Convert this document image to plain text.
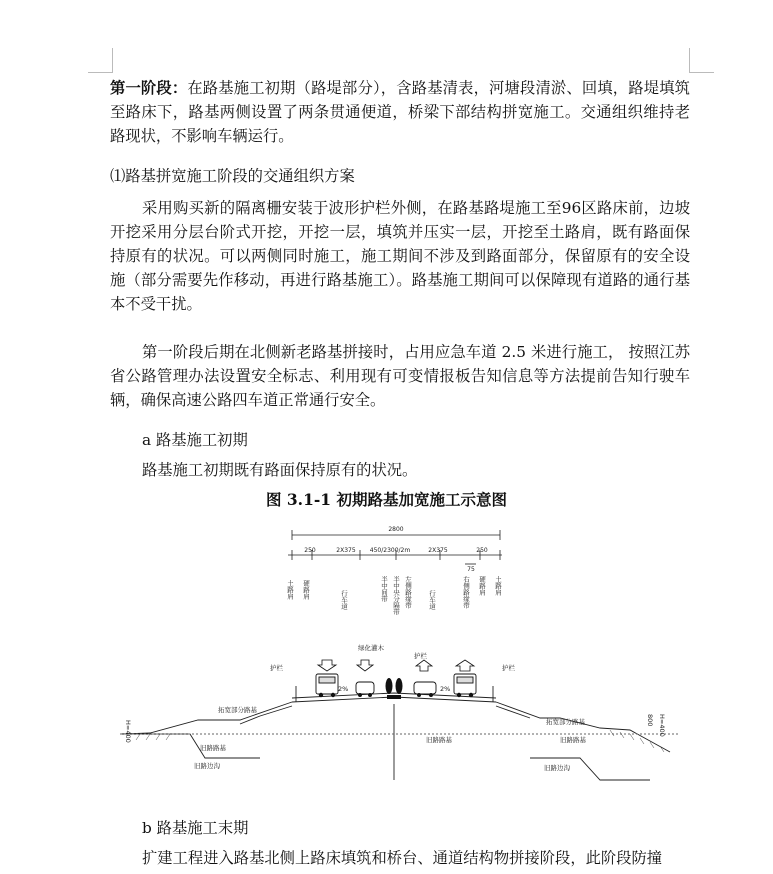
第一阶段：在路基施工初期（路堤部分），含路基清表，河塘段清淤、回填，路堤填筑至路床下，路基两侧设置了两条贯通便道，桥梁下部结构拼宽施工。交通组织维持老路现状，不影响车辆运行。

⑴路基拼宽施工阶段的交通组织方案

采用购买新的隔离栅安装于波形护栏外侧，在路基路堤施工至96区路床前，边坡开挖采用分层台阶式开挖，开挖一层，填筑并压实一层，开挖至土路肩，既有路面保持原有的状况。可以两侧同时施工，施工期间不涉及到路面部分，保留原有的安全设施（部分需要先作移动，再进行路基施工）。路基施工期间可以保障现有道路的通行基本不受干扰。

第一阶段后期在北侧新老路基拼接时，占用应急车道 2.5 米进行施工， 按照江苏省公路管理办法设置安全标志、利用现有可变情报板告知信息等方法提前告知行驶车辆，确保高速公路四车道正常通行安全。

a 路基施工初期
路基施工初期既有路面保持原有的状况。
图 3.1-1 初期路基加宽施工示意图
2800
250	2X375 450/2300/2m	2X375	250
75
土路肩 硬路肩
行车道	半中间带 半中央分隔带 左侧路缘带 行车道	右侧路缘带 硬路肩 土路肩
护栏
绿化灌木
护栏
护栏
拓宽部分路基
拓宽部分路基
旧路路基
旧路路基	旧路路基
旧路边沟	旧路边沟
2%	2%
H=400	800 H=400
b 路基施工末期
扩建工程进入路基北侧上路床填筑和桥台、通道结构物拼接阶段，此阶段防撞
